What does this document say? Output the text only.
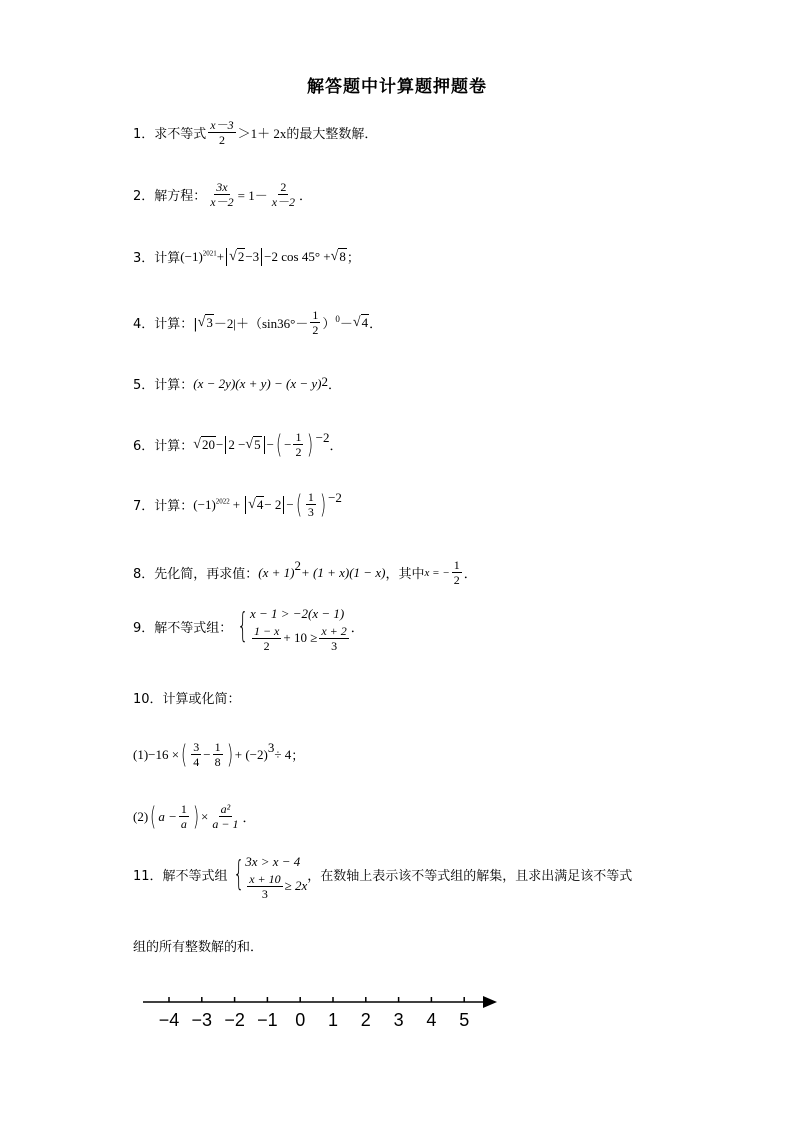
解答题中计算题押题卷
1． 求不等式 $\frac{x-3}{2} >1+ 2x$ 的最大整数解．
2． 解方程： $\frac{3x}{x-2} = 1- \frac{2}{x-2}$ ．
3． 计算 $(-1)^{2021}$ + √ 2 −3 −2 cos 45° + √ 8 ；
4． 计算：| √ $3 -2|+(\sin 36^\circ- \frac{1}{2} )^0$ － √ 4 ．
5． 计算： (x − 2y)(x + y) − (x − y) 2 ．
6． 计算： √ 20 − 2 − √ 5 − ( − $\frac{1}{2}$ ) −2
．
7． 计算： $(-1)^{2022}$ + √ 4 − 2 − ( $\frac{1}{3}$ ) −2
8． 先化简，再求值： (x + 1) 2 + (1 + x)(1 − x) ，其中 x = − $\frac{1}{2}$ ．
9． 解不等式组： { x − 1 > −2(x − 1)
$\frac{1 - x}{2} + 10 \ge \frac{x + 2}{3}$ ．
10． 计算或化简：
(1) −16 × ( $\frac{3}{4} - \frac{1}{8}$ ) + (−2) 3 ÷ 4 ；
(2) ( $a - \frac{1}{a}$ ) × $\frac{\text{a²}}{a - 1}$ ．
11． 解不等式组 { 3x > x − 4
$\frac{x + 10}{3} \ge 2x$
，在数轴上表示该不等式组的解集，且求出满足该不等式
组的所有整数解的和．
−4 −3 −2 −1 0 1 2 3 4 5
